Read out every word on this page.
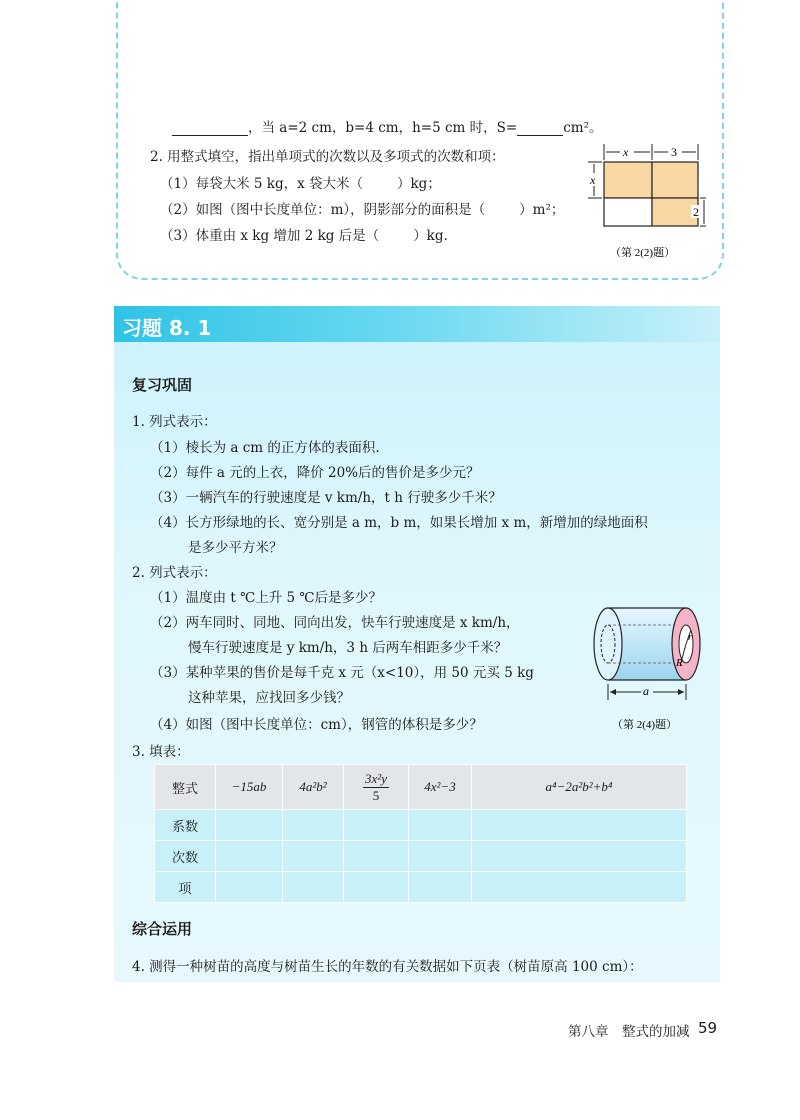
，当 a=2 cm，b=4 cm，h=5 cm 时，S=	cm²。
2. 用整式填空，指出单项式的次数以及多项式的次数和项：
（1）每袋大米 5 kg，x 袋大米（	）kg；
（2）如图（图中长度单位：m），阴影部分的面积是（	）m²；
（3）体重由 x kg 增加 2 kg 后是（	）kg.
x	3
x
2
（第 2(2)题）
习题 8. 1
复习巩固
1. 列式表示：
（1）棱长为 a cm 的正方体的表面积.
（2）每件 a 元的上衣，降价 20%后的售价是多少元？
（3）一辆汽车的行驶速度是 v km/h，t h 行驶多少千米？
（4）长方形绿地的长、宽分别是 a m，b m，如果长增加 x m，新增加的绿地面积
是多少平方米？
2. 列式表示：
（1）温度由 t ℃上升 5 ℃后是多少？
（2）两车同时、同地、同向出发，快车行驶速度是 x km/h，
慢车行驶速度是 y km/h，3 h 后两车相距多少千米？
（3）某种苹果的售价是每千克 x 元（x<10），用 50 元买 5 kg
这种苹果，应找回多少钱？
（4）如图（图中长度单位：cm），钢管的体积是多少？
r
R
a
（第 2(4)题）
3. 填表：
整式	−15ab	4a²b²	$\frac{\text{3x²y}}{5}$	4x²−3	a⁴−2a²b²+b⁴
系数					
次数					
项					
综合运用
4. 测得一种树苗的高度与树苗生长的年数的有关数据如下页表（树苗原高 100 cm）：
第八章　整式的加减 59
